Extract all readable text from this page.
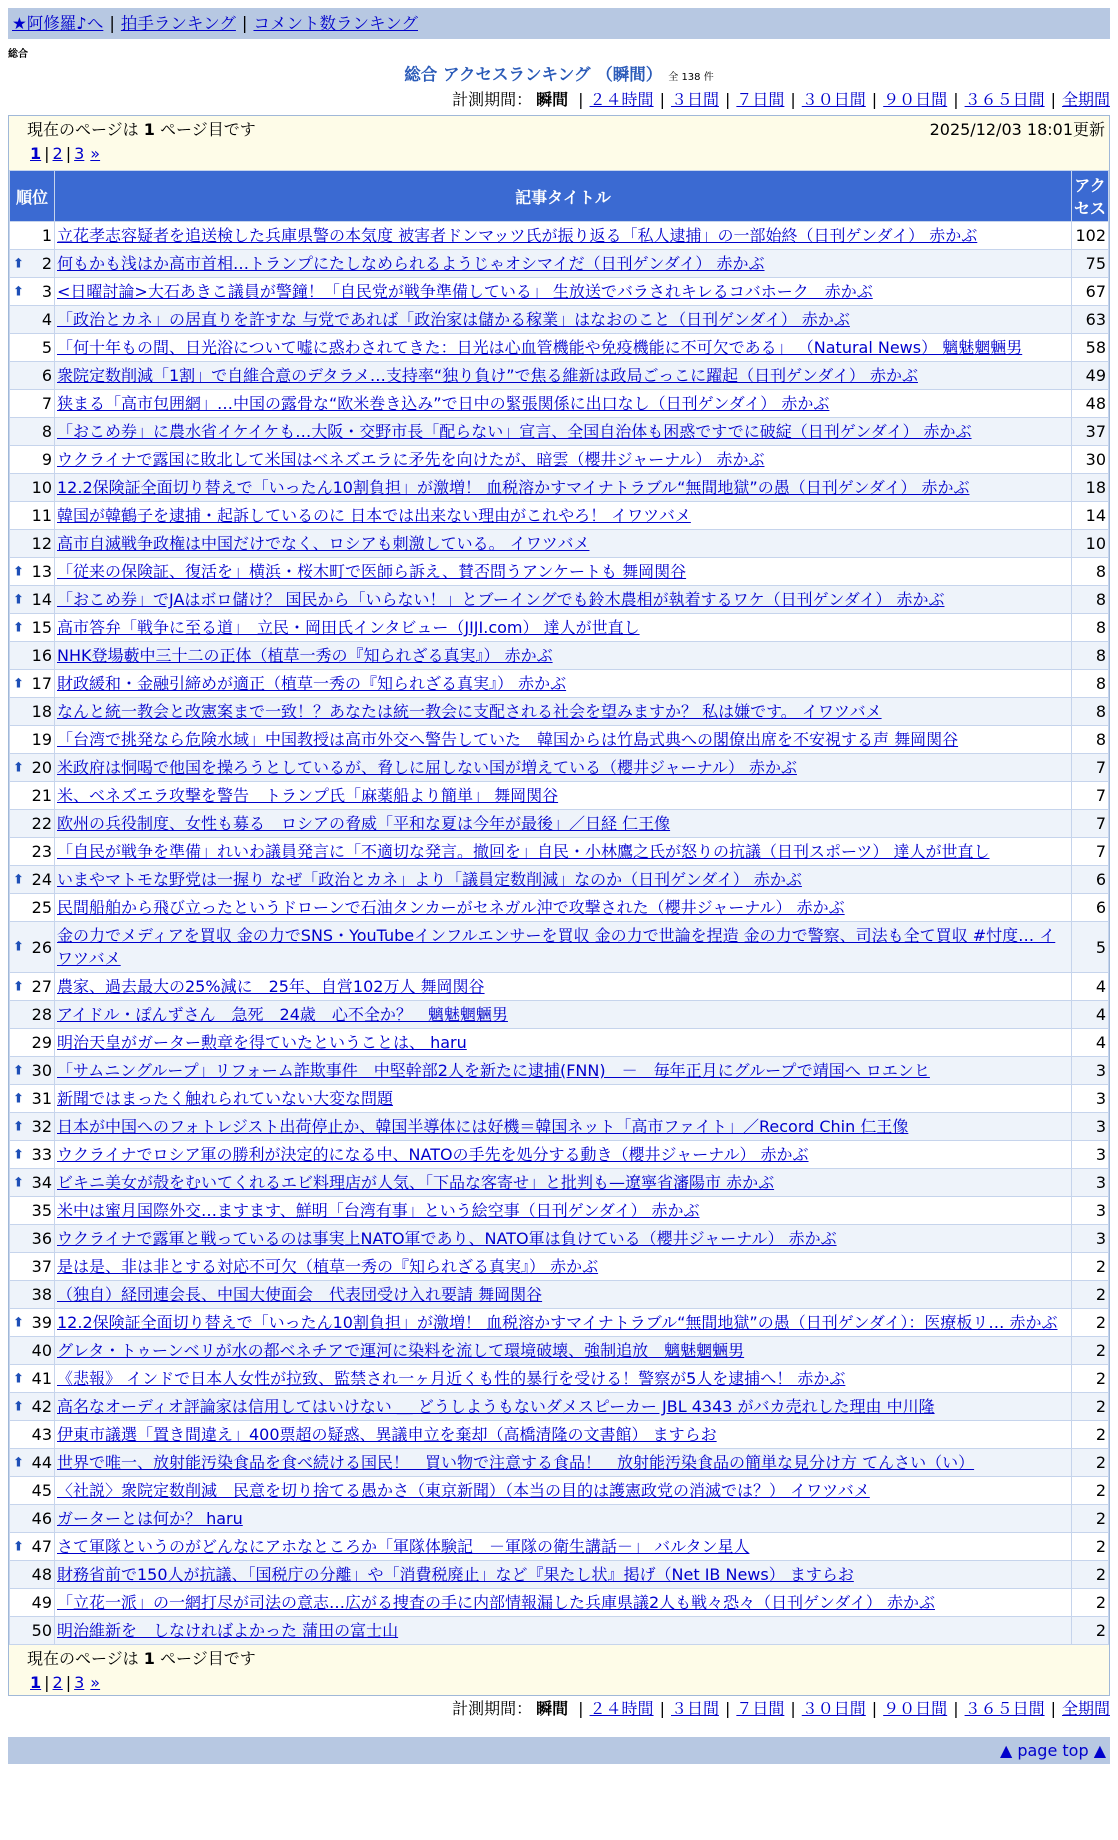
★阿修羅♪へ | 拍手ランキング | コメント数ランキング
総合
総合 アクセスランキング （瞬間） 全 138 件
計測期間： 瞬間 | ２４時間 | ３日間 | ７日間 | ３０日間 | ９０日間 | ３６５日間 | 全期間
現在のページは 1 ページ目です	2025/12/03 18:01更新
1 | 2 | 3 »
順位	記事タイトル	アクセス
1	立花孝志容疑者を追送検した兵庫県警の本気度 被害者ドンマッツ氏が振り返る「私人逮捕」の一部始終（日刊ゲンダイ） 赤かぶ	102

⬆ 2	何もかも浅はか高市首相…トランプにたしなめられるようじゃオシマイだ（日刊ゲンダイ） 赤かぶ	75

⬆ 3	<日曜討論>大石あきこ議員が警鐘！「自民党が戦争準備している」 生放送でバラされキレるコバホーク　赤かぶ	67
4	「政治とカネ」の居直りを許すな 与党であれば「政治家は儲かる稼業」はなおのこと（日刊ゲンダイ） 赤かぶ	63
5	「何十年もの間、日光浴について嘘に惑わされてきた：日光は心血管機能や免疫機能に不可欠である」 （Natural News） 魑魅魍魎男	58
6	衆院定数削減「1割」で自維合意のデタラメ…支持率“独り負け”で焦る維新は政局ごっこに躍起（日刊ゲンダイ） 赤かぶ	49
7	狭まる「高市包囲網」…中国の露骨な“欧米巻き込み”で日中の緊張関係に出口なし（日刊ゲンダイ） 赤かぶ	48
8	「おこめ券」に農水省イケイケも…大阪・交野市長「配らない」宣言、全国自治体も困惑ですでに破綻（日刊ゲンダイ） 赤かぶ	37
9	ウクライナで露国に敗北して米国はベネズエラに矛先を向けたが、暗雲（櫻井ジャーナル） 赤かぶ	30
10	12.2保険証全面切り替えで「いったん10割負担」が激増！ 血税溶かすマイナトラブル“無間地獄”の愚（日刊ゲンダイ） 赤かぶ	18
11	韓国が韓鶴子を逮捕・起訴しているのに 日本では出来ない理由がこれやろ！ イワツバメ	14
12	高市自滅戦争政権は中国だけでなく、ロシアも刺激している。 イワツバメ	10

⬆ 13	「従来の保険証、復活を」横浜・桜木町で医師ら訴え、賛否問うアンケートも 舞岡関谷	8

⬆ 14	「おこめ券」でJAはボロ儲け？ 国民から「いらない！」とブーイングでも鈴木農相が執着するワケ（日刊ゲンダイ） 赤かぶ	8

⬆ 15	高市答弁「戦争に至る道」　立民・岡田氏インタビュー（JIJI.com） 達人が世直し	8
16	NHK登場藪中三十二の正体（植草一秀の『知られざる真実』） 赤かぶ	8

⬆ 17	財政緩和・金融引締めが適正（植草一秀の『知られざる真実』） 赤かぶ	8
18	なんと統一教会と改憲案まで一致！？あなたは統一教会に支配される社会を望みますか？ 私は嫌です。 イワツバメ	8
19	「台湾で挑発なら危険水域」中国教授は高市外交へ警告していた　韓国からは竹島式典への閣僚出席を不安視する声 舞岡関谷	8

⬆ 20	米政府は恫喝で他国を操ろうとしているが、脅しに屈しない国が増えている（櫻井ジャーナル） 赤かぶ	7
21	米、ベネズエラ攻撃を警告　トランプ氏「麻薬船より簡単」 舞岡関谷	7
22	欧州の兵役制度、女性も募る　ロシアの脅威「平和な夏は今年が最後」／日経 仁王像	7
23	「自民が戦争を準備」れいわ議員発言に「不適切な発言。撤回を」自民・小林鷹之氏が怒りの抗議（日刊スポーツ） 達人が世直し	7

⬆ 24	いまやマトモな野党は一握り なぜ「政治とカネ」より「議員定数削減」なのか（日刊ゲンダイ） 赤かぶ	6
25	民間船舶から飛び立ったというドローンで石油タンカーがセネガル沖で攻撃された（櫻井ジャーナル） 赤かぶ	6

⬆ 26	金の力でメディアを買収 金の力でSNS・YouTubeインフルエンサーを買収 金の力で世論を捏造 金の力で警察、司法も全て買収 #忖度… イワツバメ	5

⬆ 27	農家、過去最大の25%減に　25年、自営102万人 舞岡関谷	4
28	アイドル・ぽんずさん　急死　24歳　心不全か？　魑魅魍魎男	4
29	明治天皇がガーター勲章を得ていたということは、 haru	4

⬆ 30	「サムニングループ」リフォーム詐欺事件　中堅幹部2人を新たに逮捕(FNN)　－　毎年正月にグループで靖国へ ロエンヒ	3

⬆ 31	新聞ではまったく触れられていない大変な問題	3

⬆ 32	日本が中国へのフォトレジスト出荷停止か、韓国半導体には好機＝韓国ネット「高市ファイト」／Record Chin 仁王像	3

⬆ 33	ウクライナでロシア軍の勝利が決定的になる中、NATOの手先を処分する動き（櫻井ジャーナル） 赤かぶ	3

⬆ 34	ビキニ美女が殻をむいてくれるエビ料理店が人気、「下品な客寄せ」と批判も—遼寧省瀋陽市 赤かぶ	3
35	米中は蜜月国際外交…ますます、鮮明「台湾有事」という絵空事（日刊ゲンダイ） 赤かぶ	3
36	ウクライナで露軍と戦っているのは事実上NATO軍であり、NATO軍は負けている（櫻井ジャーナル） 赤かぶ	3
37	是は是、非は非とする対応不可欠（植草一秀の『知られざる真実』） 赤かぶ	2
38	（独自）経団連会長、中国大使面会　代表団受け入れ要請 舞岡関谷	2

⬆ 39	12.2保険証全面切り替えで「いったん10割負担」が激増！ 血税溶かすマイナトラブル“無間地獄”の愚（日刊ゲンダイ）：医療板リ… 赤かぶ	2
40	グレタ・トゥーンベリが水の都ベネチアで運河に染料を流して環境破壊、強制追放　魑魅魍魎男	2

⬆ 41	《悲報》 インドで日本人女性が拉致、監禁され一ヶ月近くも性的暴行を受ける！警察が5人を逮捕へ！ 赤かぶ	2

⬆ 42	高名なオーディオ評論家は信用してはいけない ＿ どうしようもないダメスピーカー JBL 4343 がバカ売れした理由 中川隆	2
43	伊東市議選「置き間違え」400票超の疑惑、異議申立を棄却（高橋清隆の文書館） ますらお	2

⬆ 44	世界で唯一、放射能汚染食品を食べ続ける国民！　買い物で注意する食品！　放射能汚染食品の簡単な見分け方 てんさい（い）	2
45	〈社説〉衆院定数削減　民意を切り捨てる愚かさ（東京新聞）（本当の目的は護憲政党の消滅では？） イワツバメ	2
46	ガーターとは何か？ haru	2

⬆ 47	さて軍隊というのがどんなにアホなところか「軍隊体験記　－軍隊の衛生講話－」 バルタン星人	2
48	財務省前で150人が抗議、「国税庁の分離」や「消費税廃止」など『果たし状』掲げ（Net IB News） ますらお	2
49	「立花一派」の一網打尽が司法の意志…広がる捜査の手に内部情報漏した兵庫県議2人も戦々恐々（日刊ゲンダイ） 赤かぶ	2
50	明治維新を　しなければよかった 蒲田の富士山	2
現在のページは 1 ページ目です
1 | 2 | 3 »
計測期間： 瞬間 | ２４時間 | ３日間 | ７日間 | ３０日間 | ９０日間 | ３６５日間 | 全期間
▲ page top ▲
